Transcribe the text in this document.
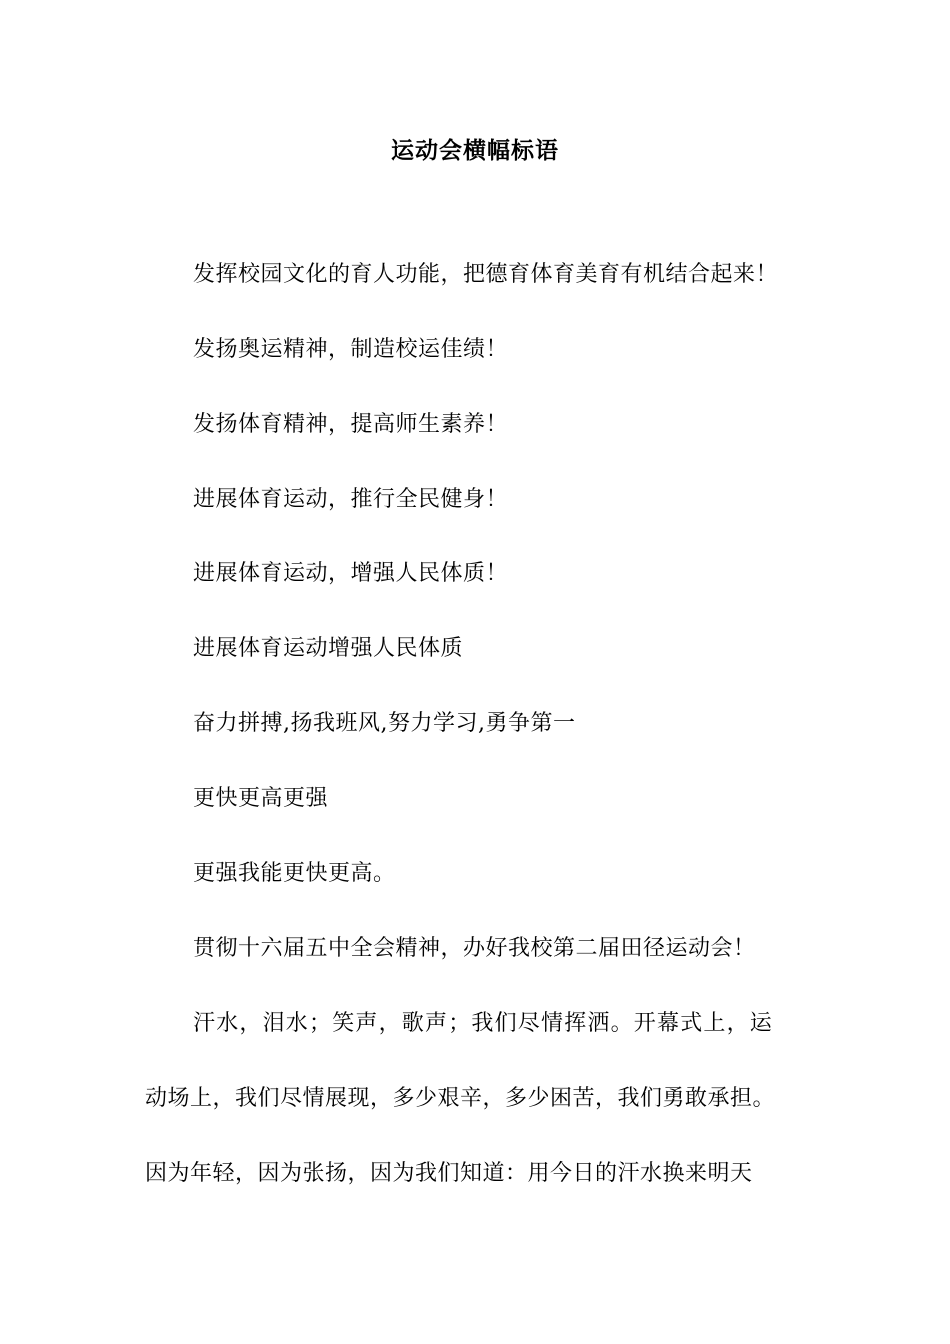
运动会横幅标语
发挥校园文化的育人功能，把德育体育美育有机结合起来！
发扬奥运精神，制造校运佳绩！
发扬体育精神，提高师生素养！
进展体育运动，推行全民健身！
进展体育运动，增强人民体质！
进展体育运动增强人民体质
奋力拼搏,扬我班风,努力学习,勇争第一
更快更高更强
更强我能更快更高。
贯彻十六届五中全会精神，办好我校第二届田径运动会！
汗水，泪水；笑声，歌声；我们尽情挥洒。开幕式上，运
动场上，我们尽情展现，多少艰辛，多少困苦，我们勇敢承担。
因为年轻，因为张扬，因为我们知道：用今日的汗水换来明天
